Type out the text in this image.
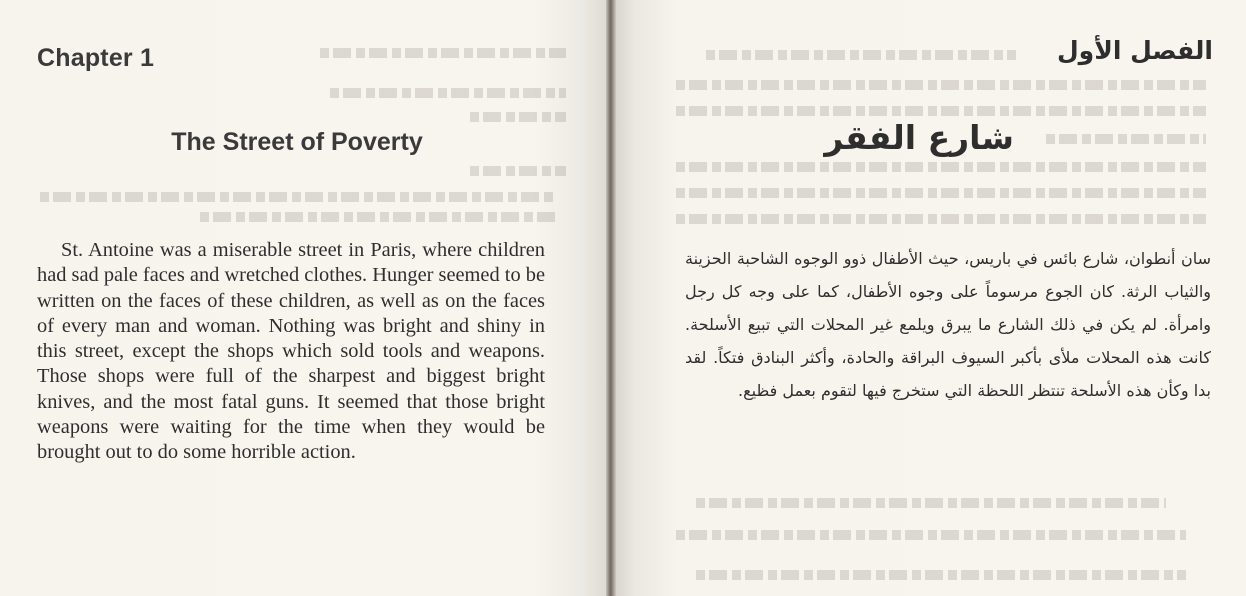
Chapter 1
The Street of Poverty

St. Antoine was a miserable street in Paris, where children had sad pale faces and wretched clothes. Hunger seemed to be written on the faces of these children, as well as on the faces of every man and woman. Nothing was bright and shiny in this street, except the shops which sold tools and weapons. Those shops were full of the sharpest and biggest bright knives, and the most fatal guns. It seemed that those bright weapons were waiting for the time when they would be brought out to do some horrible action.

الفصل الأول
شارع الفقر

سان أنطوان، شارع بائس في باريس، حيث الأطفال ذوو الوجوه الشاحبة الحزينة والثياب الرثة. كان الجوع مرسوماً على وجوه الأطفال، كما على وجه كل رجل وامرأة. لم يكن في ذلك الشارع ما يبرق ويلمع غير المحلات التي تبيع الأسلحة. كانت هذه المحلات ملأى بأكبر السيوف البراقة والحادة، وأكثر البنادق فتكاً. لقد بدا وكأن هذه الأسلحة تنتظر اللحظة التي ستخرج فيها لتقوم بعمل فظيع.
